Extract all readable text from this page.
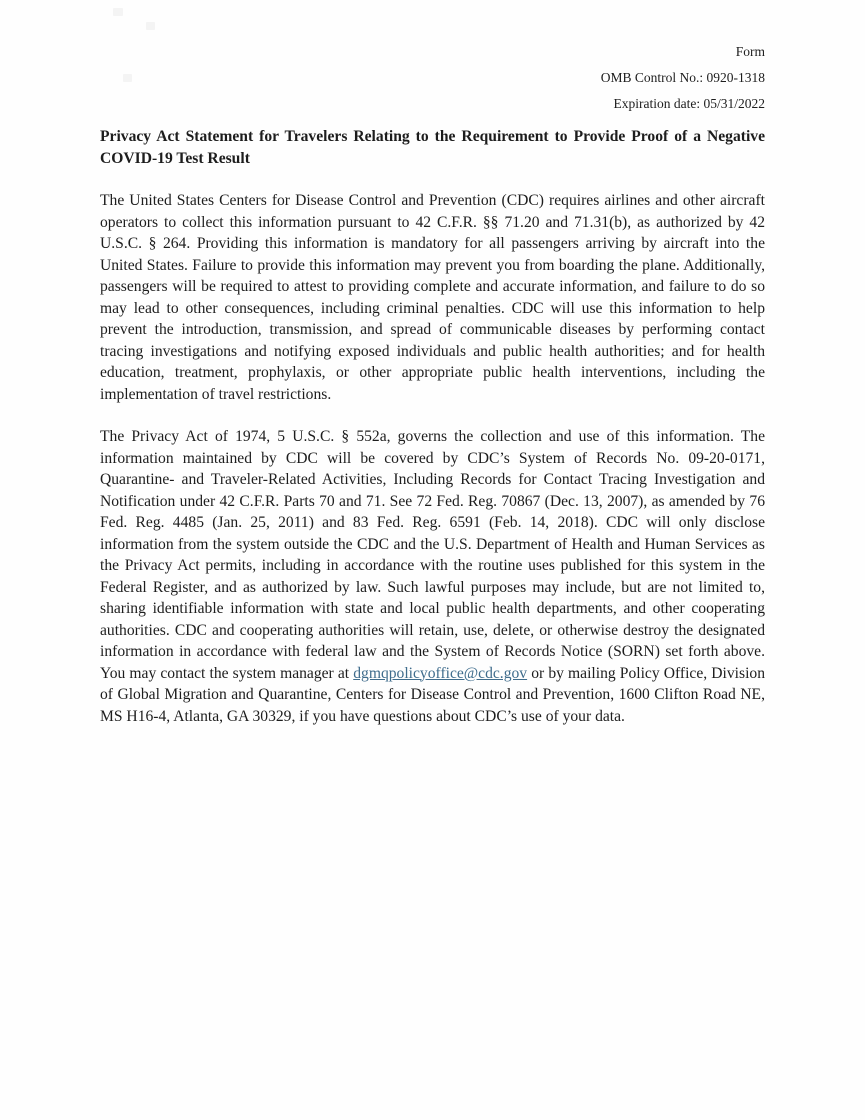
Form
OMB Control No.: 0920-1318
Expiration date: 05/31/2022
Privacy Act Statement for Travelers Relating to the Requirement to Provide Proof of a Negative COVID-19 Test Result

The United States Centers for Disease Control and Prevention (CDC) requires airlines and other aircraft operators to collect this information pursuant to 42 C.F.R. §§ 71.20 and 71.31(b), as authorized by 42 U.S.C. § 264. Providing this information is mandatory for all passengers arriving by aircraft into the United States. Failure to provide this information may prevent you from boarding the plane. Additionally, passengers will be required to attest to providing complete and accurate information, and failure to do so may lead to other consequences, including criminal penalties. CDC will use this information to help prevent the introduction, transmission, and spread of communicable diseases by performing contact tracing investigations and notifying exposed individuals and public health authorities; and for health education, treatment, prophylaxis, or other appropriate public health interventions, including the implementation of travel restrictions.

The Privacy Act of 1974, 5 U.S.C. § 552a, governs the collection and use of this information. The information maintained by CDC will be covered by CDC’s System of Records No. 09-20-0171, Quarantine- and Traveler-Related Activities, Including Records for Contact Tracing Investigation and Notification under 42 C.F.R. Parts 70 and 71. See 72 Fed. Reg. 70867 (Dec. 13, 2007), as amended by 76 Fed. Reg. 4485 (Jan. 25, 2011) and 83 Fed. Reg. 6591 (Feb. 14, 2018). CDC will only disclose information from the system outside the CDC and the U.S. Department of Health and Human Services as the Privacy Act permits, including in accordance with the routine uses published for this system in the Federal Register, and as authorized by law. Such lawful purposes may include, but are not limited to, sharing identifiable information with state and local public health departments, and other cooperating authorities. CDC and cooperating authorities will retain, use, delete, or otherwise destroy the designated information in accordance with federal law and the System of Records Notice (SORN) set forth above. You may contact the system manager at dgmqpolicyoffice@cdc.gov or by mailing Policy Office, Division of Global Migration and Quarantine, Centers for Disease Control and Prevention, 1600 Clifton Road NE, MS H16-4, Atlanta, GA 30329, if you have questions about CDC’s use of your data.
